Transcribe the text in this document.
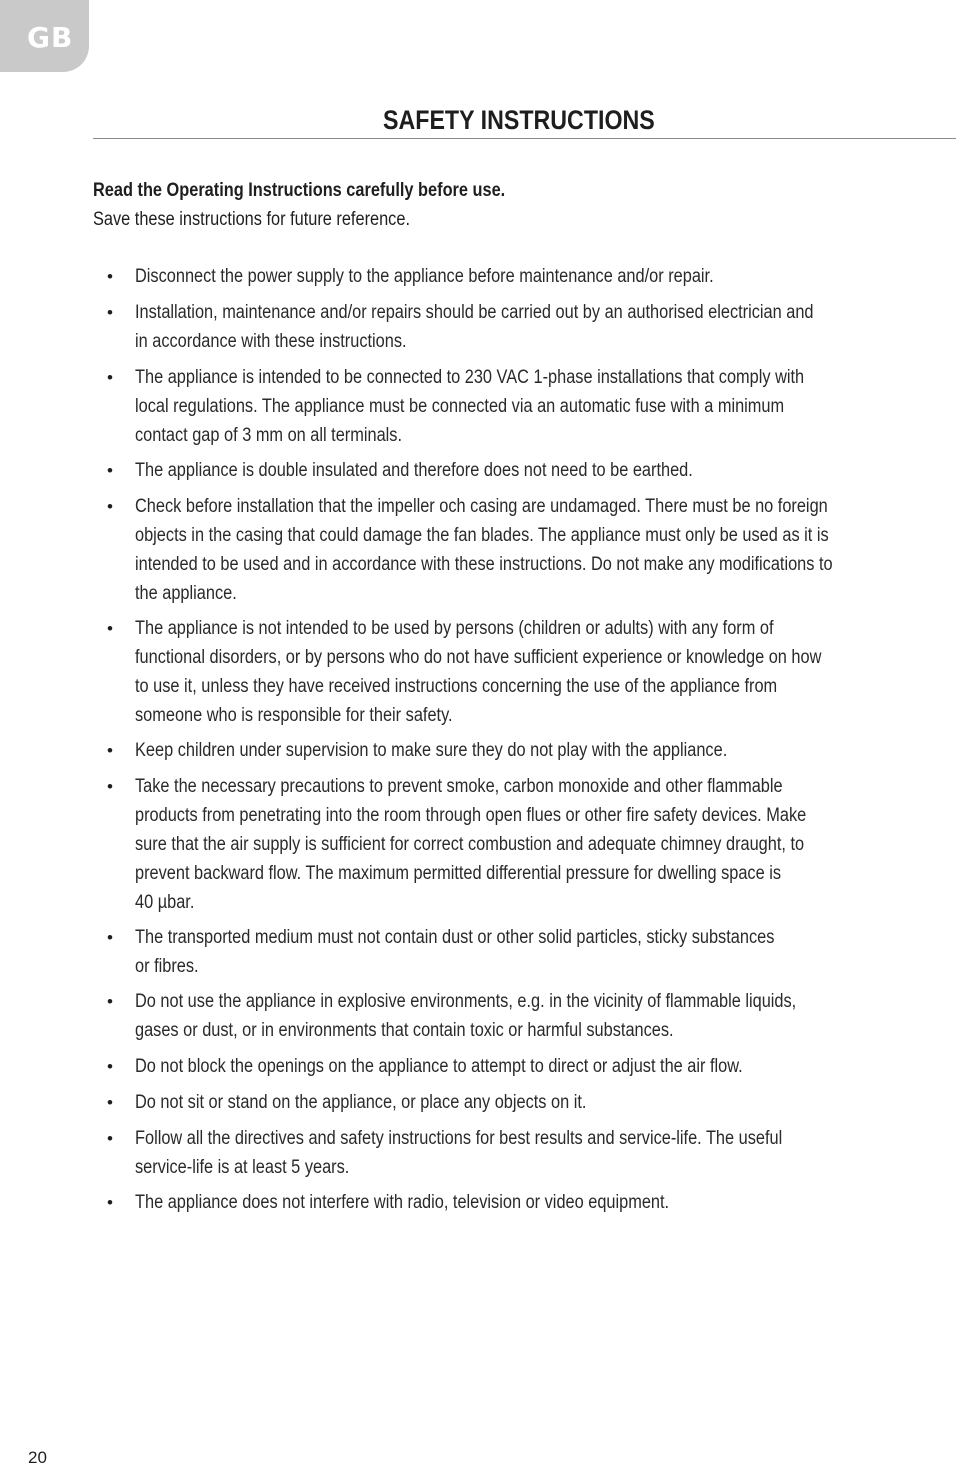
GB
SAFETY INSTRUCTIONS
Read the Operating Instructions carefully before use.
Save these instructions for future reference.
•	Disconnect the power supply to the appliance before maintenance and/or repair.
•	Installation, maintenance and/or repairs should be carried out by an authorised electrician and
in accordance with these instructions.
•	The appliance is intended to be connected to 230 VAC 1-phase installations that comply with
local regulations. The appliance must be connected via an automatic fuse with a minimum
contact gap of 3 mm on all terminals.
•	The appliance is double insulated and therefore does not need to be earthed.
•	Check before installation that the impeller och casing are undamaged. There must be no foreign
objects in the casing that could damage the fan blades. The appliance must only be used as it is
intended to be used and in accordance with these instructions. Do not make any modifications to
the appliance.
•	The appliance is not intended to be used by persons (children or adults) with any form of
functional disorders, or by persons who do not have sufficient experience or knowledge on how
to use it, unless they have received instructions concerning the use of the appliance from
someone who is responsible for their safety.
•	Keep children under supervision to make sure they do not play with the appliance.
•	Take the necessary precautions to prevent smoke, carbon monoxide and other flammable
products from penetrating into the room through open flues or other fire safety devices. Make
sure that the air supply is sufficient for correct combustion and adequate chimney draught, to
prevent backward flow. The maximum permitted differential pressure for dwelling space is
40 µbar.
•	The transported medium must not contain dust or other solid particles, sticky substances
or fibres.
•	Do not use the appliance in explosive environments, e.g. in the vicinity of flammable liquids,
gases or dust, or in environments that contain toxic or harmful substances.
•	Do not block the openings on the appliance to attempt to direct or adjust the air flow.
•	Do not sit or stand on the appliance, or place any objects on it.
•	Follow all the directives and safety instructions for best results and service-life. The useful
service-life is at least 5 years.
•	The appliance does not interfere with radio, television or video equipment.
20
